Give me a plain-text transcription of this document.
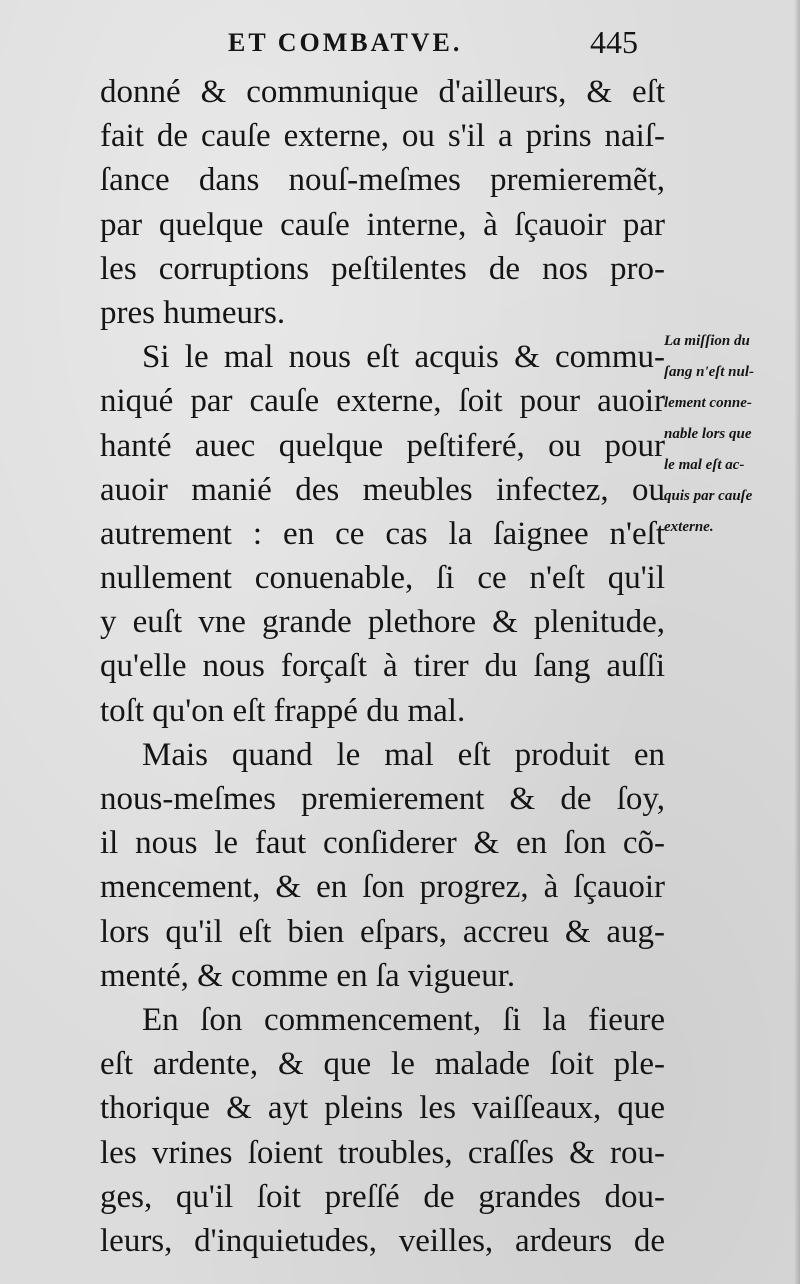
ET COMBATVE.	445
donné & communique d'ailleurs, & eſt
fait de cauſe externe, ou s'il a prins naiſ-
ſance dans nouſ-meſmes premieremẽt,
par quelque cauſe interne, à ſçauoir par
les corruptions peſtilentes de nos pro-
pres humeurs.
Si le mal nous eſt acquis & commu-
niqué par cauſe externe, ſoit pour auoir
hanté auec quelque peſtiferé, ou pour
auoir manié des meubles infectez, ou
autrement : en ce cas la ſaignee n'eſt
nullement conuenable, ſi ce n'eſt qu'il
y euſt vne grande plethore & plenitude,
qu'elle nous forçaſt à tirer du ſang auſſi
toſt qu'on eſt frappé du mal.
Mais quand le mal eſt produit en
nous-meſmes premierement & de ſoy,
il nous le faut conſiderer & en ſon cõ-
mencement, & en ſon progrez, à ſçauoir
lors qu'il eſt bien eſpars, accreu & aug-
menté, & comme en ſa vigueur.
En ſon commencement, ſi la fieure
eſt ardente, & que le malade ſoit ple-
thorique & ayt pleins les vaiſſeaux, que
les vrines ſoient troubles, craſſes & rou-
ges, qu'il ſoit preſſé de grandes dou-
leurs, d'inquietudes, veilles, ardeurs de
La miſſion du
ſang n'eſt nul-
lement conne-
nable lors que
le mal eſt ac-
quis par cauſe
externe.
